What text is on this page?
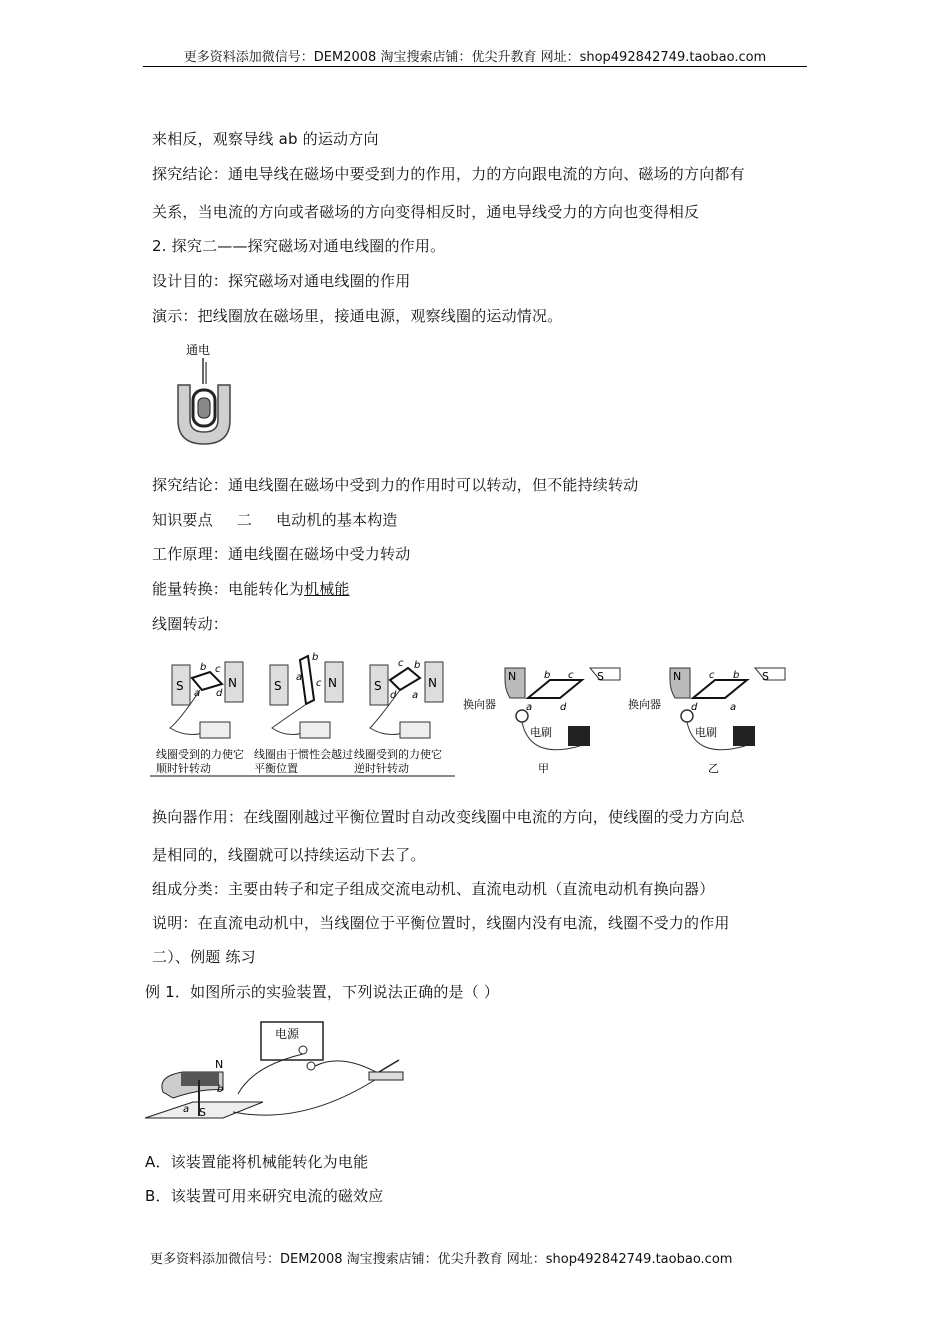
更多资料添加微信号：DEM2008 淘宝搜索店铺：优尖升教育 网址：shop492842749.taobao.com
来相反，观察导线 ab 的运动方向
探究结论：通电导线在磁场中要受到力的作用，力的方向跟电流的方向、磁场的方向都有
关系，当电流的方向或者磁场的方向变得相反时，通电导线受力的方向也变得相反
2. 探究二——探究磁场对通电线圈的作用。
设计目的：探究磁场对通电线圈的作用
演示：把线圈放在磁场里，接通电源，观察线圈的运动情况。
通电
探究结论：通电线圈在磁场中受到力的作用时可以转动，但不能持续转动
知识要点 二 电动机的基本构造
工作原理：通电线圈在磁场中受力转动
能量转换：电能转化为机械能
线圈转动：
S	N
b c
a d
线圈受到的力使它
顺时针转动
S	N
b
a
c
线圈由于惯性会越过
平衡位置
S	N
c b
d a
线圈受到的力使它
逆时针转动
N	S
b c
a	d
换向器
电刷
甲
N	S
c b
d	a
换向器
电刷
乙
换向器作用：在线圈刚越过平衡位置时自动改变线圈中电流的方向，使线圈的受力方向总
是相同的，线圈就可以持续运动下去了。
组成分类：主要由转子和定子组成交流电动机、直流电动机（直流电动机有换向器）
说明：在直流电动机中，当线圈位于平衡位置时，线圈内没有电流，线圈不受力的作用
二）、例题 练习
例 1．如图所示的实验装置，下列说法正确的是（ ）
电源
N
S
b
a
A．该装置能将机械能转化为电能
B．该装置可用来研究电流的磁效应
更多资料添加微信号：DEM2008 淘宝搜索店铺：优尖升教育 网址：shop492842749.taobao.com
